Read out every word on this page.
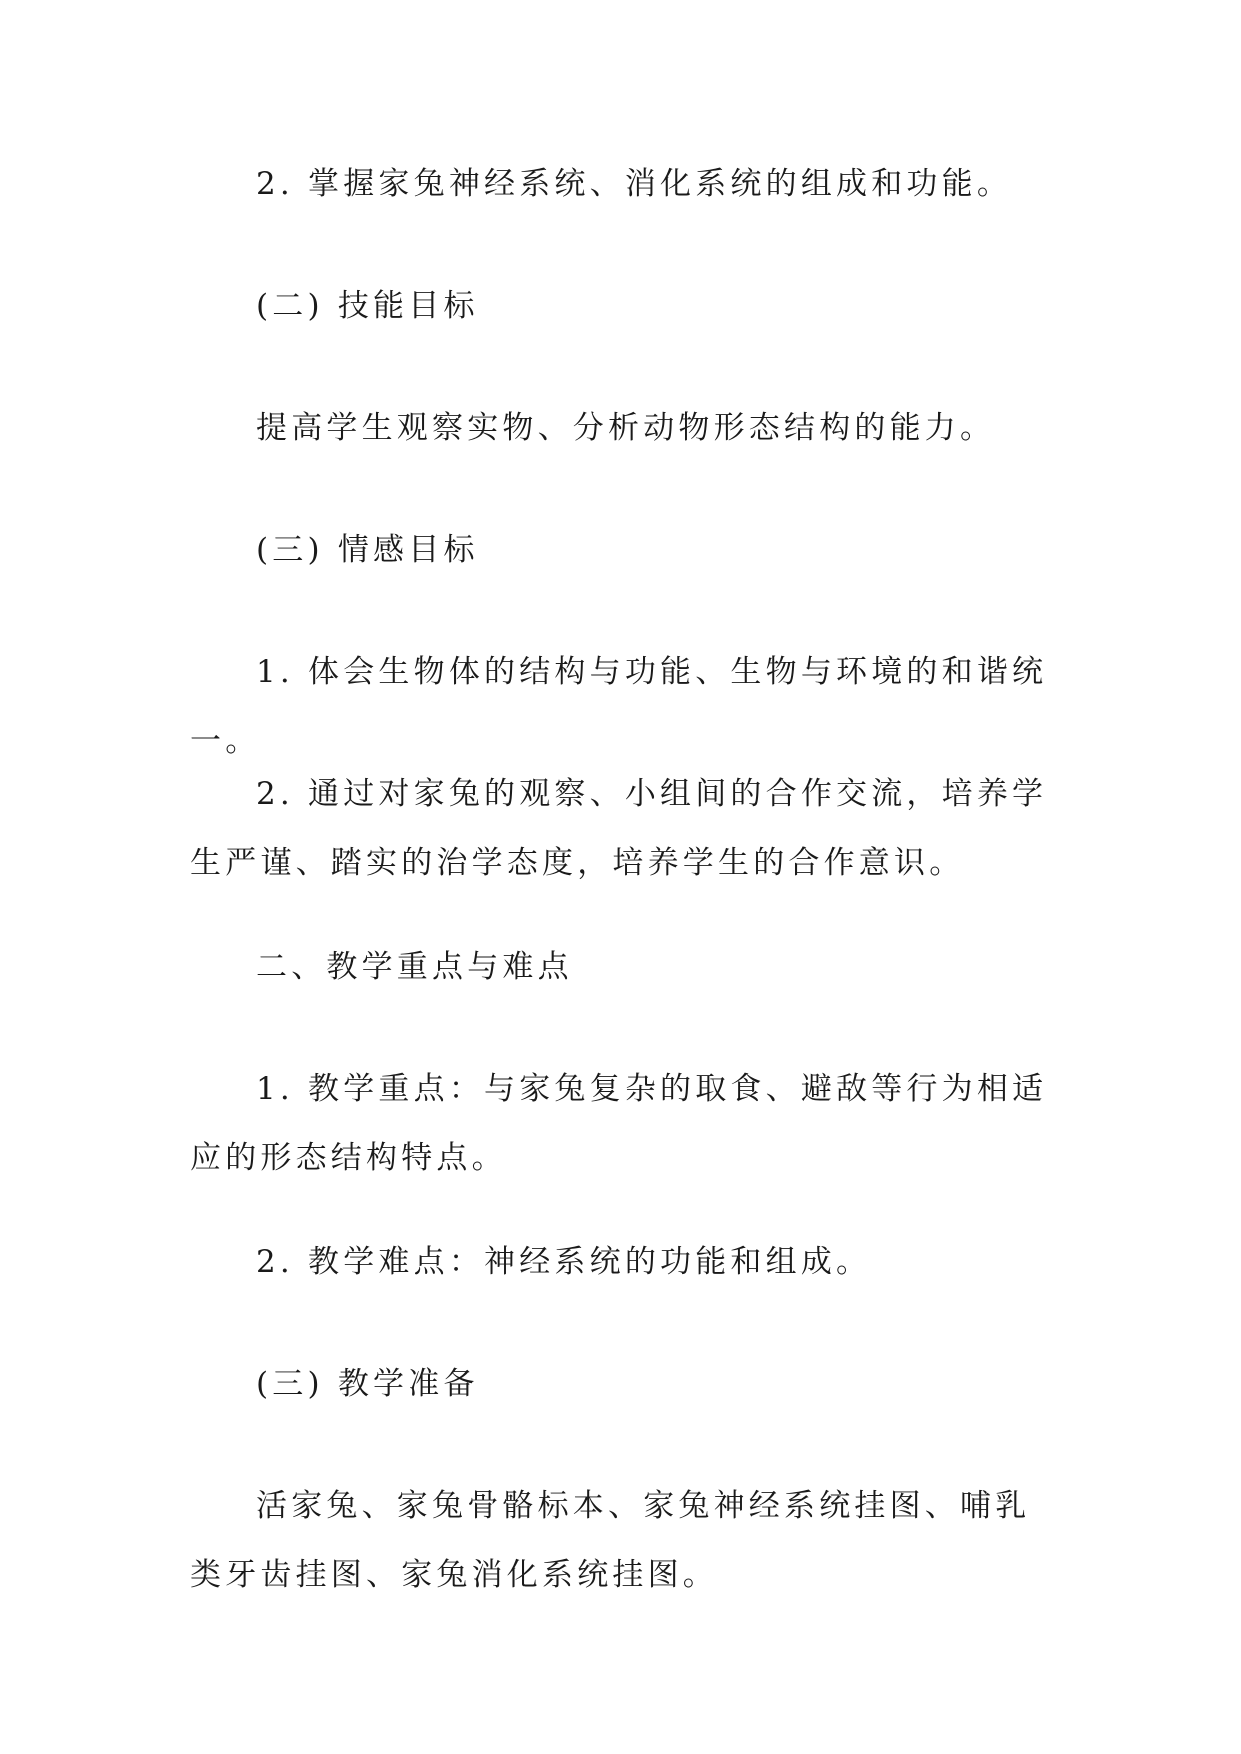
2. 掌握家兔神经系统、消化系统的组成和功能。

(二) 技能目标

提高学生观察实物、分析动物形态结构的能力。

(三) 情感目标

1. 体会生物体的结构与功能、生物与环境的和谐统一。

2. 通过对家兔的观察、小组间的合作交流，培养学生严谨、踏实的治学态度，培养学生的合作意识。

二、教学重点与难点

1. 教学重点：与家兔复杂的取食、避敌等行为相适应的形态结构特点。

2. 教学难点：神经系统的功能和组成。

(三) 教学准备

活家兔、家兔骨骼标本、家兔神经系统挂图、哺乳类牙齿挂图、家兔消化系统挂图。
